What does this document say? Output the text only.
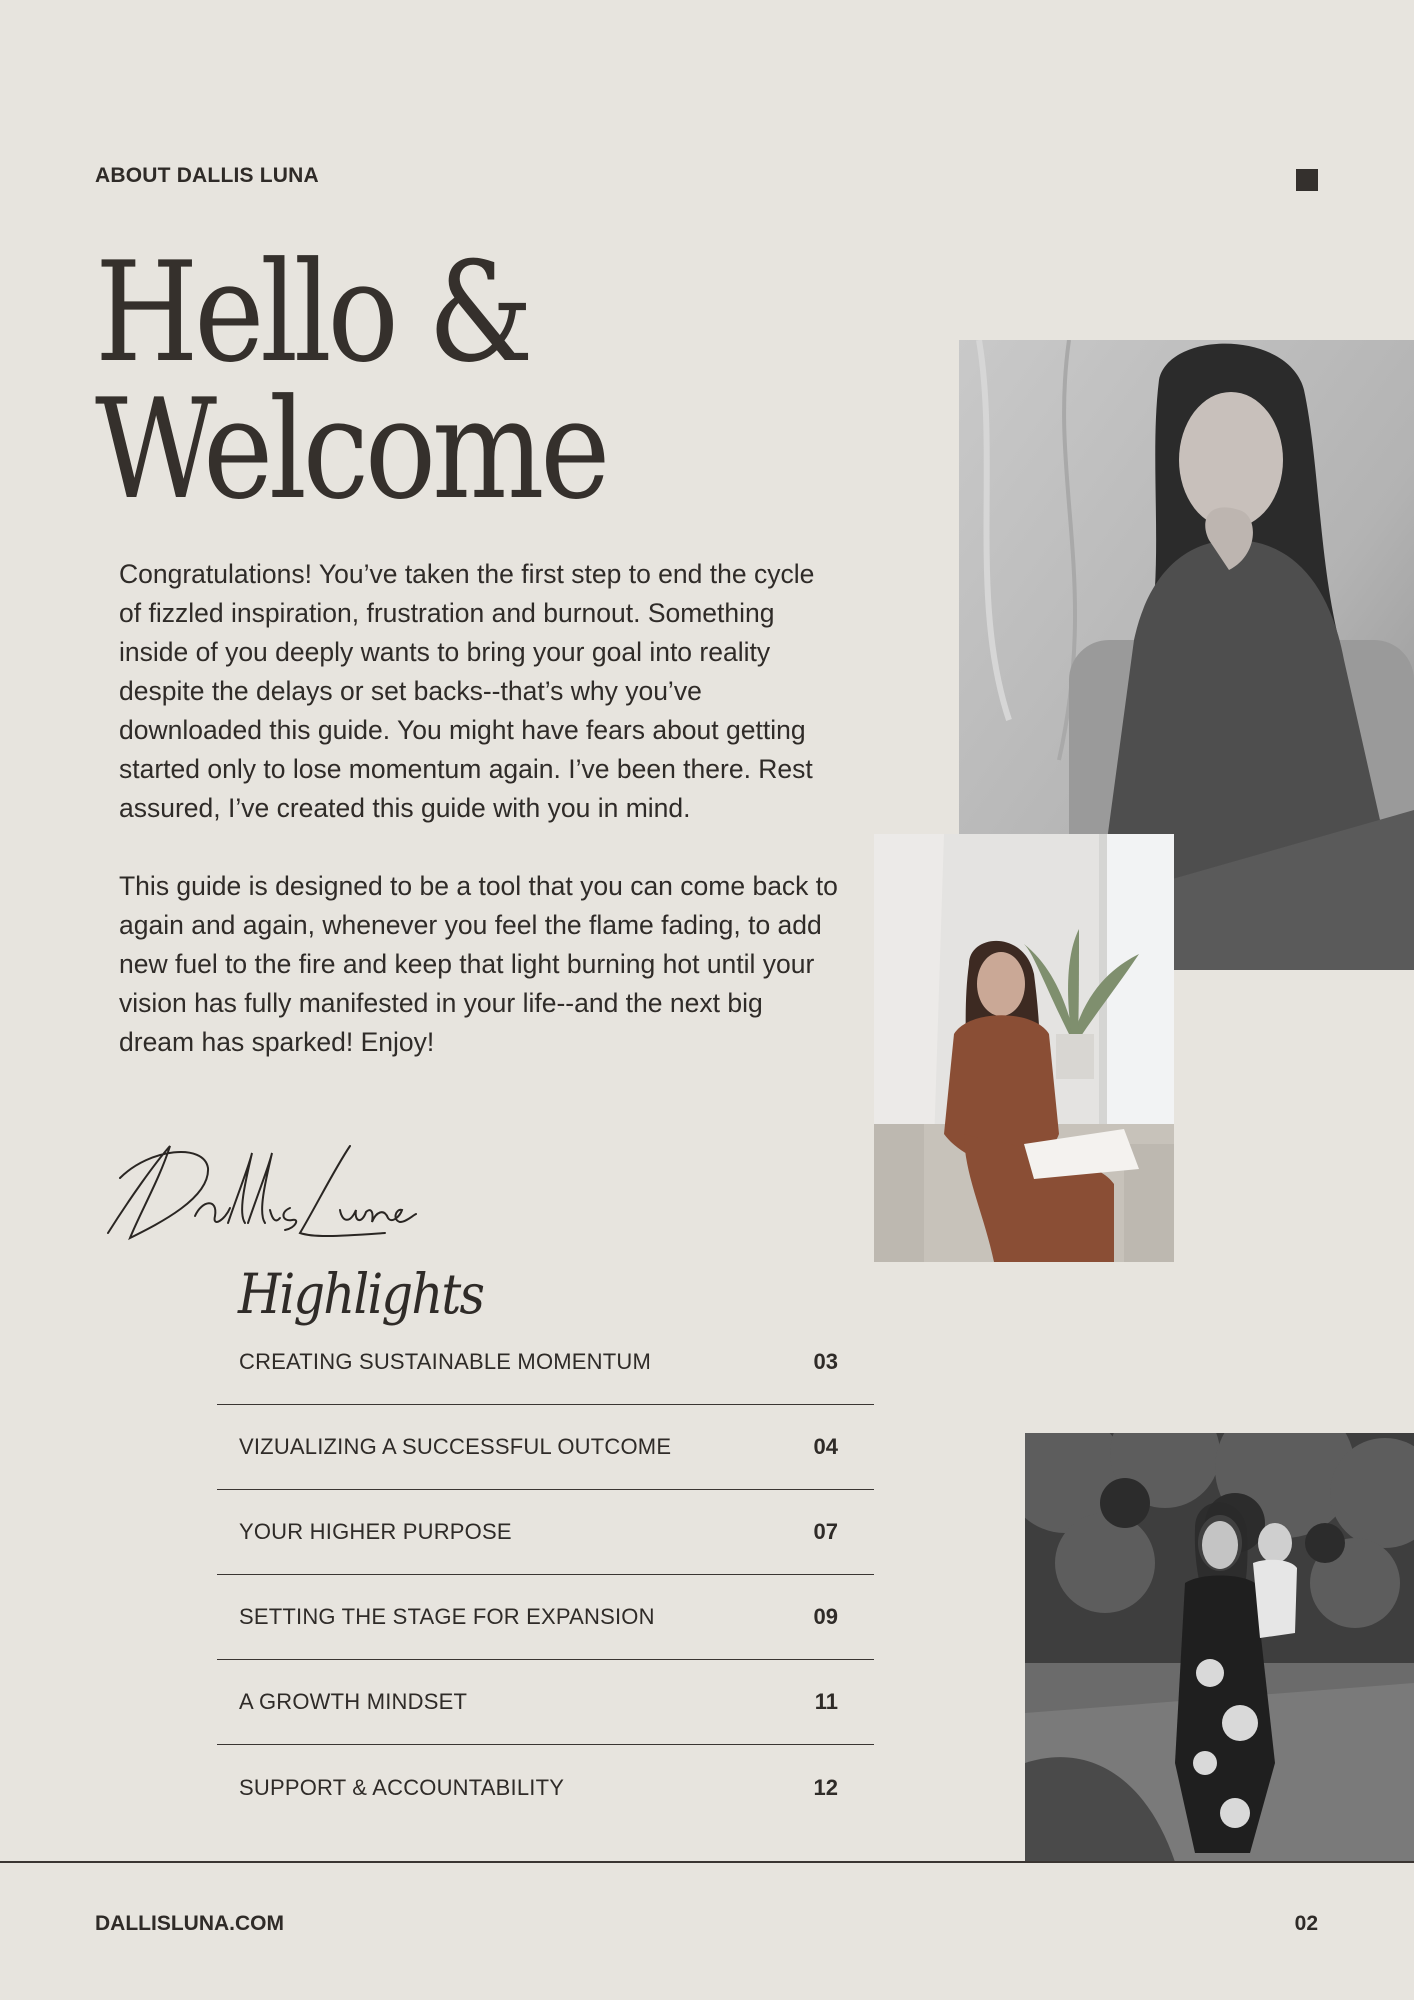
ABOUT DALLIS LUNA
Hello &
Welcome

Congratulations! You’ve taken the first step to end the cycle of fizzled inspiration, frustration and burnout. Something inside of you deeply wants to bring your goal into reality despite the delays or set backs--that’s why you’ve downloaded this guide. You might have fears about getting started only to lose momentum again. I’ve been there. Rest assured, I’ve created this guide with you in mind.

This guide is designed to be a tool that you can come back to again and again, whenever you feel the flame fading, to add new fuel to the fire and keep that light burning hot until your vision has fully manifested in your life--and the next big dream has sparked! Enjoy!

Highlights
CREATING SUSTAINABLE MOMENTUM	03
VIZUALIZING A SUCCESSFUL OUTCOME	04
YOUR HIGHER PURPOSE	07
SETTING THE STAGE FOR EXPANSION	09
A GROWTH MINDSET	11
SUPPORT & ACCOUNTABILITY	12
DALLISLUNA.COM	02
